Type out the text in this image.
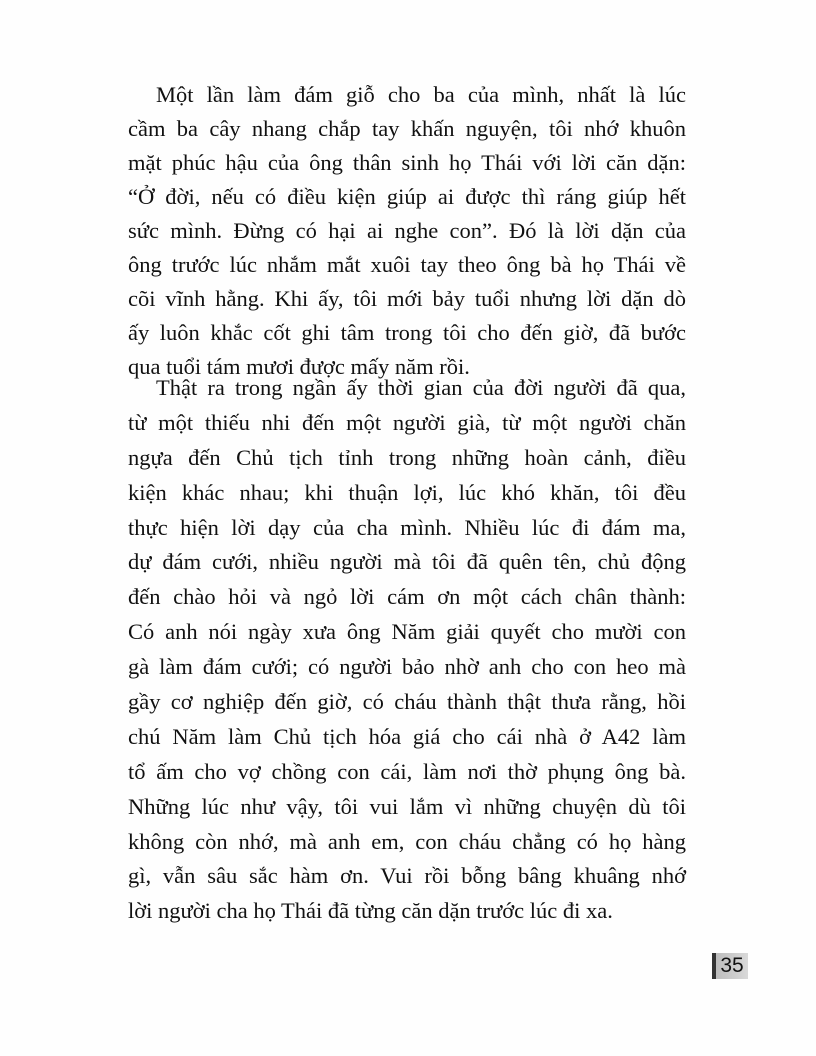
Một lần làm đám giỗ cho ba của mình, nhất là lúc
cầm ba cây nhang chắp tay khấn nguyện, tôi nhớ khuôn
mặt phúc hậu của ông thân sinh họ Thái với lời căn dặn:
“Ở đời, nếu có điều kiện giúp ai được thì ráng giúp hết
sức mình. Đừng có hại ai nghe con”. Đó là lời dặn của
ông trước lúc nhắm mắt xuôi tay theo ông bà họ Thái về
cõi vĩnh hằng. Khi ấy, tôi mới bảy tuổi nhưng lời dặn dò
ấy luôn khắc cốt ghi tâm trong tôi cho đến giờ, đã bước
qua tuổi tám mươi được mấy năm rồi.
Thật ra trong ngần ấy thời gian của đời người đã qua,
từ một thiếu nhi đến một người già, từ một người chăn
ngựa đến Chủ tịch tỉnh trong những hoàn cảnh, điều
kiện khác nhau; khi thuận lợi, lúc khó khăn, tôi đều
thực hiện lời dạy của cha mình. Nhiều lúc đi đám ma,
dự đám cưới, nhiều người mà tôi đã quên tên, chủ động
đến chào hỏi và ngỏ lời cám ơn một cách chân thành:
Có anh nói ngày xưa ông Năm giải quyết cho mười con
gà làm đám cưới; có người bảo nhờ anh cho con heo mà
gầy cơ nghiệp đến giờ, có cháu thành thật thưa rằng, hồi
chú Năm làm Chủ tịch hóa giá cho cái nhà ở A42 làm
tổ ấm cho vợ chồng con cái, làm nơi thờ phụng ông bà.
Những lúc như vậy, tôi vui lắm vì những chuyện dù tôi
không còn nhớ, mà anh em, con cháu chẳng có họ hàng
gì, vẫn sâu sắc hàm ơn. Vui rồi bỗng bâng khuâng nhớ
lời người cha họ Thái đã từng căn dặn trước lúc đi xa.
35
